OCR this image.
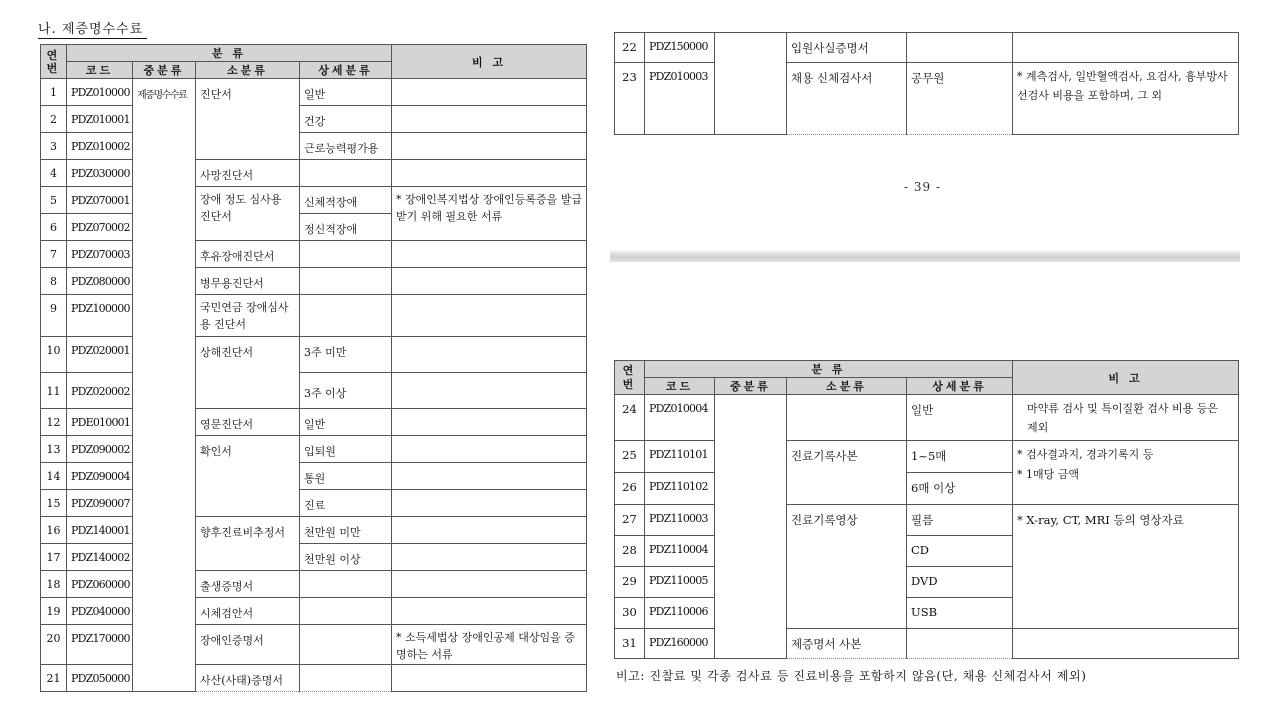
나. 제증명수수료
연
번	분 류				비 고
	코드	중분류	소분류	상세분류	
1	PDZ010000	제증명수수료	진단서	일반	
2	PDZ010001			건강	
3	PDZ010002			근로능력평가용	
4	PDZ030000		사망진단서		
5	PDZ070001		장애 정도 심사용 진단서	신체적장애	* 장애인복지법상 장애인등록증을 발급받기 위해 필요한 서류
6	PDZ070002			정신적장애	
7	PDZ070003		후유장애진단서		
8	PDZ080000		병무용진단서		
9	PDZ100000		국민연금 장애심사용 진단서		
10	PDZ020001		상해진단서	3주 미만	
11	PDZ020002			3주 이상	
12	PDE010001		영문진단서	일반	
13	PDZ090002		확인서	입퇴원	
14	PDZ090004			통원	
15	PDZ090007			진료	
16	PDZ140001		향후진료비추정서	천만원 미만	
17	PDZ140002			천만원 이상	
18	PDZ060000		출생증명서		
19	PDZ040000		시체검안서		
20	PDZ170000		장애인증명서		* 소득세법상 장애인공제 대상임을 증명하는 서류
21	PDZ050000		사산(사태)증명서		
22	PDZ150000		입원사실증명서		
23	PDZ010003		채용 신체검사서	공무원	* 계측검사, 일반혈액검사, 요검사, 흉부방사선검사 비용을 포함하며, 그 외
- 39 -
연
번	분 류				비 고
	코드	중분류	소분류	상세분류	
24	PDZ010004			일반	마약류 검사 및 특이질환 검사 비용 등은 제외
25	PDZ110101		진료기록사본	1~5매	* 검사결과지, 경과기록지 등
* 1매당 금액

26	PDZ110102			6매 이상	
27	PDZ110003		진료기록영상	필름	* X-ray, CT, MRI 등의 영상자료
28	PDZ110004			CD	
29	PDZ110005			DVD	
30	PDZ110006			USB	
31	PDZ160000		제증명서 사본		
비고: 진찰료 및 각종 검사료 등 진료비용을 포함하지 않음(단, 채용 신체검사서 제외)
